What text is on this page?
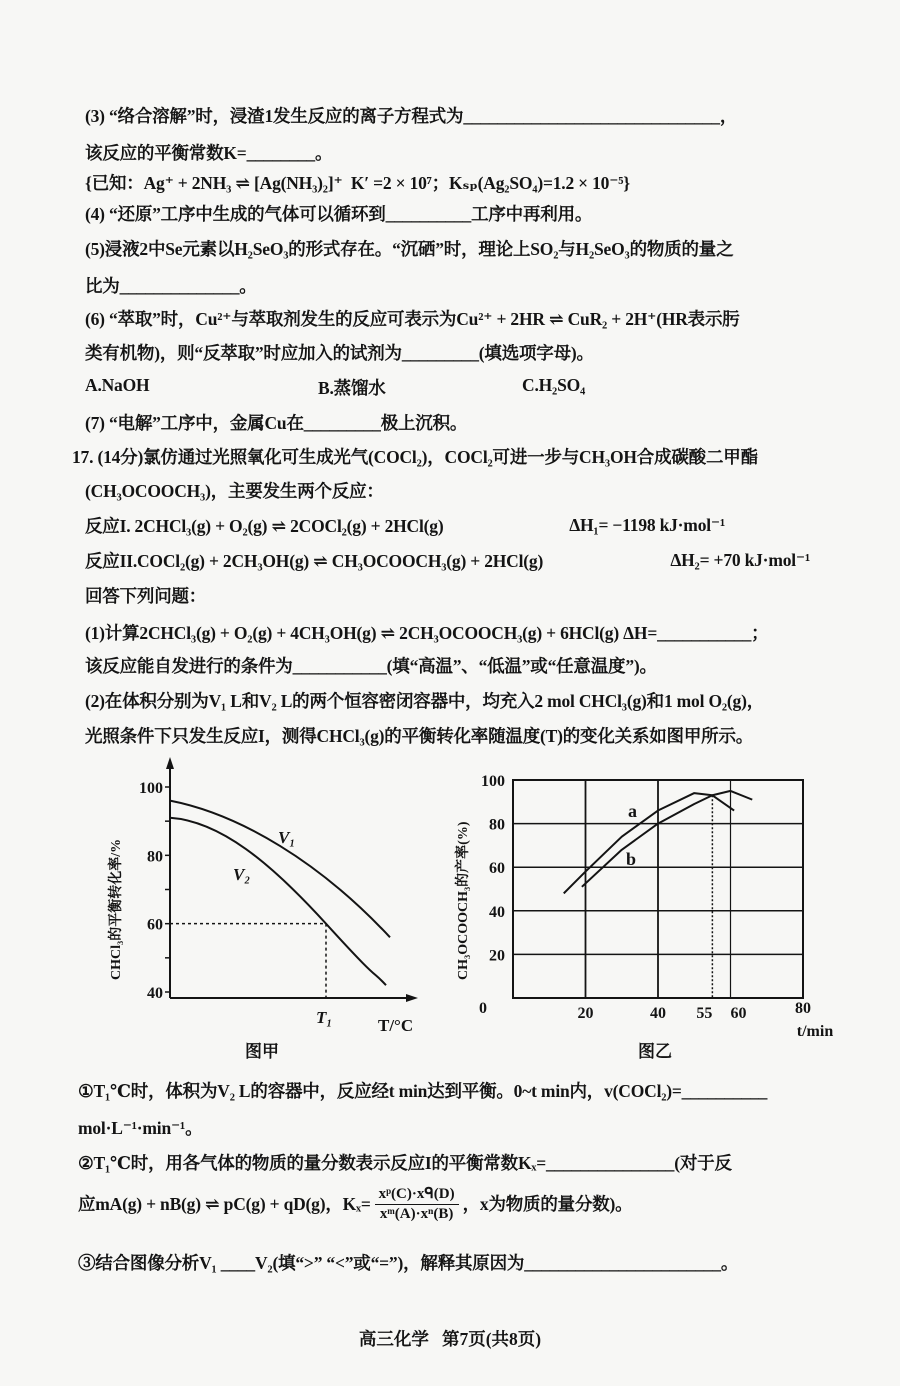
(3) “络合溶解”时，浸渣1发生反应的离子方程式为______________________________，
该反应的平衡常数K=________。
{已知：Ag⁺ + 2NH₃ ⇌ [Ag(NH₃)₂]⁺  K′ =2 × 10⁷；Kₛₚ(Ag₂SO₄)=1.2 × 10⁻⁵}
(4) “还原”工序中生成的气体可以循环到__________工序中再利用。
(5)浸液2中Se元素以H₂SeO₃的形式存在。“沉硒”时，理论上SO₂与H₂SeO₃的物质的量之
比为______________。
(6) “萃取”时，Cu²⁺与萃取剂发生的反应可表示为Cu²⁺ + 2HR ⇌ CuR₂ + 2H⁺(HR表示肟
类有机物)，则“反萃取”时应加入的试剂为_________(填选项字母)。
A.NaOH	B.蒸馏水	C.H₂SO₄
(7) “电解”工序中，金属Cu在_________极上沉积。
17. (14分)氯仿通过光照氧化可生成光气(COCl₂)，COCl₂可进一步与CH₃OH合成碳酸二甲酯
(CH₃OCOOCH₃)，主要发生两个反应：
反应I. 2CHCl₃(g) + O₂(g) ⇌ 2COCl₂(g) + 2HCl(g)	ΔH₁= −1198 kJ·mol⁻¹
反应II.COCl₂(g) + 2CH₃OH(g) ⇌ CH₃OCOOCH₃(g) + 2HCl(g)	ΔH₂= +70 kJ·mol⁻¹
回答下列问题：
(1)计算2CHCl₃(g) + O₂(g) + 4CH₃OH(g) ⇌ 2CH₃OCOOCH₃(g) + 6HCl(g) ΔH=___________；
该反应能自发进行的条件为___________(填“高温”、“低温”或“任意温度”)。
(2)在体积分别为V₁ L和V₂ L的两个恒容密闭容器中，均充入2 mol CHCl₃(g)和1 mol O₂(g)，
光照条件下只发生反应I，测得CHCl₃(g)的平衡转化率随温度(T)的变化关系如图甲所示。
100
80
60
40
V₁
V₂
T₁	T/°C
CHCl₃的平衡转化率/%
图甲
100
80
60
40
20
0	20	40 55 60	80
a
b
t/min
CH₃OCOOCH₃的产率(%)
图乙
①T₁℃时，体积为V₂ L的容器中，反应经t min达到平衡。0~t min内，v(COCl₂)=__________
mol·L⁻¹·min⁻¹。
②T₁℃时，用各气体的物质的量分数表示反应I的平衡常数Kₓ=_______________(对于反
应mA(g) + nB(g) ⇌ pC(g) + qD(g)，$K_x= \frac{\text{xᵖ(C)·xᑫ(D)}}{\text{xᵐ(A)·xⁿ(B)}}$ ，x为物质的量分数)。
③结合图像分析V₁ ____V₂(填“>” “<”或“=”)，解释其原因为_______________________。
高三化学   第7页(共8页)
